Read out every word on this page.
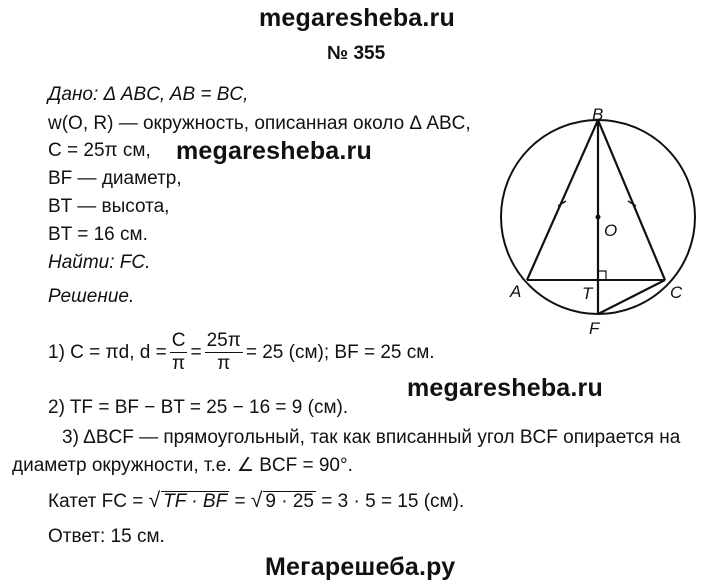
megaresheba.ru
№ 355
Дано: Δ ABC, AB = BC,
w(O, R) — окружность, описанная около Δ ABC,
C = 25π см, megaresheba.ru
BF — диаметр,
BT — высота,
BT = 16 см.
Найти: FC.
Решение.
1) C = πd, $d = \frac{C}{\pi} = \frac{25\pi}{\pi} = 25$ (см); BF = 25 см.
megaresheba.ru
2) TF = BF − BT = 25 − 16 = 9 (см).
3) ΔBCF — прямоугольный, так как вписанный угол BCF опирается на
диаметр окружности, т.е. ∠ BCF = 90°.
Катет FC = √ TF · BF = √ 9 · 25 = 3 · 5 = 15 (см).
Ответ: 15 см.
Мегарешеба.ру
B
O
A	T	C
F
